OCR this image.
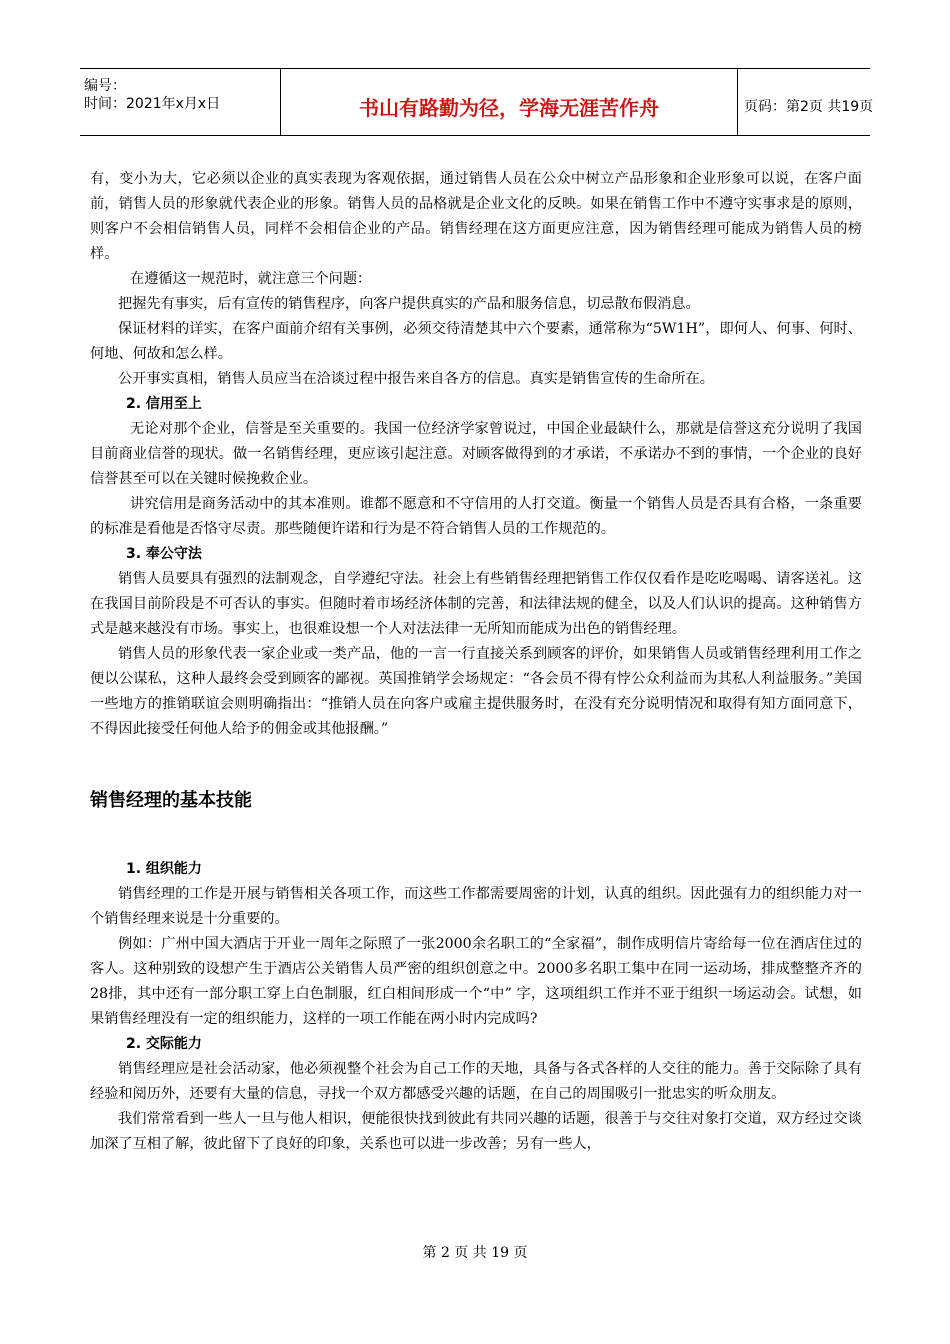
编号：
时间：2021年x月x日	书山有路勤为径，学海无涯苦作舟	页码：第2页 共19页

有，变小为大，它必须以企业的真实表现为客观依据，通过销售人员在公众中树立产品形象和企业形象可以说，在客户面前，销售人员的形象就代表企业的形象。销售人员的品格就是企业文化的反映。如果在销售工作中不遵守实事求是的原则，则客户不会相信销售人员，同样不会相信企业的产品。销售经理在这方面更应注意，因为销售经理可能成为销售人员的榜样。

在遵循这一规范时，就注意三个问题：

把握先有事实，后有宣传的销售程序，向客户提供真实的产品和服务信息，切忌散布假消息。

保证材料的详实，在客户面前介绍有关事例，必须交待清楚其中六个要素，通常称为“5W1H”，即何人、何事、何时、何地、何故和怎么样。

公开事实真相，销售人员应当在洽谈过程中报告来自各方的信息。真实是销售宣传的生命所在。

2. 信用至上

无论对那个企业，信誉是至关重要的。我国一位经济学家曾说过，中国企业最缺什么，那就是信誉这充分说明了我国目前商业信誉的现状。做一名销售经理，更应该引起注意。对顾客做得到的才承诺，不承诺办不到的事情，一个企业的良好信誉甚至可以在关键时候挽救企业。

讲究信用是商务活动中的其本准则。谁都不愿意和不守信用的人打交道。衡量一个销售人员是否具有合格，一条重要的标准是看他是否恪守尽责。那些随便许诺和行为是不符合销售人员的工作规范的。

3. 奉公守法

销售人员要具有强烈的法制观念，自学遵纪守法。社会上有些销售经理把销售工作仅仅看作是吃吃喝喝、请客送礼。这在我国目前阶段是不可否认的事实。但随时着市场经济体制的完善，和法律法规的健全，以及人们认识的提高。这种销售方式是越来越没有市场。事实上，也很难设想一个人对法法律一无所知而能成为出色的销售经理。

销售人员的形象代表一家企业或一类产品，他的一言一行直接关系到顾客的评价，如果销售人员或销售经理利用工作之便以公谋私，这种人最终会受到顾客的鄙视。英国推销学会场规定：“各会员不得有悖公众利益而为其私人利益服务。”美国一些地方的推销联谊会则明确指出：“推销人员在向客户或雇主提供服务时，在没有充分说明情况和取得有知方面同意下，不得因此接受任何他人给予的佣金或其他报酬。”

销售经理的基本技能

1. 组织能力

销售经理的工作是开展与销售相关各项工作，而这些工作都需要周密的计划，认真的组织。因此强有力的组织能力对一个销售经理来说是十分重要的。

例如：广州中国大酒店于开业一周年之际照了一张2000余名职工的“全家福”，制作成明信片寄给每一位在酒店住过的客人。这种别致的设想产生于酒店公关销售人员严密的组织创意之中。2000多名职工集中在同一运动场，排成整整齐齐的28排，其中还有一部分职工穿上白色制服，红白相间形成一个“中” 字，这项组织工作并不亚于组织一场运动会。试想，如果销售经理没有一定的组织能力，这样的一项工作能在两小时内完成吗?

2. 交际能力

销售经理应是社会活动家，他必须视整个社会为自己工作的天地，具备与各式各样的人交往的能力。善于交际除了具有经验和阅历外，还要有大量的信息，寻找一个双方都感受兴趣的话题，在自己的周围吸引一批忠实的听众朋友。

我们常常看到一些人一旦与他人相识，便能很快找到彼此有共同兴趣的话题，很善于与交往对象打交道，双方经过交谈加深了互相了解，彼此留下了良好的印象，关系也可以进一步改善；另有一些人，

第 2 页 共 19 页
